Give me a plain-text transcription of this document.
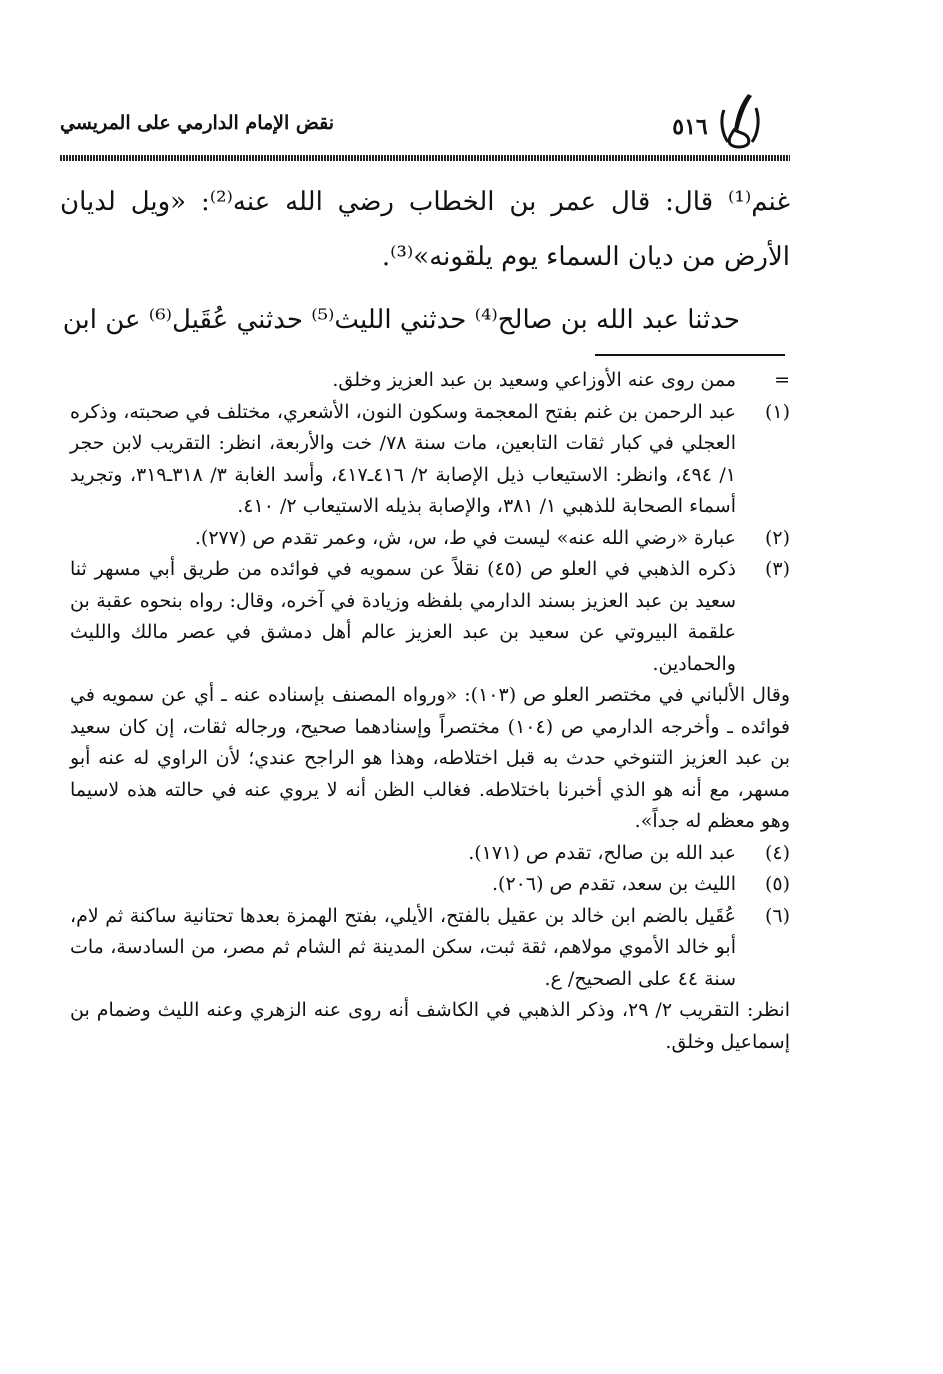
نقض الإمام الدارمي على المريسي	٥١٦

غنم⁽¹⁾ قال: قال عمر بن الخطاب رضي الله عنه⁽²⁾: «ويل لديان الأرض من ديان السماء يوم يلقونه»⁽³⁾.

حدثنا عبد الله بن صالح⁽⁴⁾ حدثني الليث⁽⁵⁾ حدثني عُقَيل⁽⁶⁾ عن ابن

=
ممن روى عنه الأوزاعي وسعيد بن عبد العزيز وخلق.
(١)

عبد الرحمن بن غنم بفتح المعجمة وسكون النون، الأشعري، مختلف في صحبته، وذكره العجلي في كبار ثقات التابعين، مات سنة ٧٨/ خت والأربعة، انظر: التقريب لابن حجر ١/ ٤٩٤، وانظر: الاستيعاب ذيل الإصابة ٢/ ٤١٦ـ٤١٧، وأسد الغابة ٣/ ٣١٨ـ٣١٩، وتجريد أسماء الصحابة للذهبي ١/ ٣٨١، والإصابة بذيله الاستيعاب ٢/ ٤١٠.

(٢)

عبارة «رضي الله عنه» ليست في ط، س، ش، وعمر تقدم ص (٢٧٧).

(٣)

ذكره الذهبي في العلو ص (٤٥) نقلاً عن سمويه في فوائده من طريق أبي مسهر ثنا سعيد بن عبد العزيز بسند الدارمي بلفظه وزيادة في آخره، وقال: رواه بنحوه عقبة بن علقمة البيروتي عن سعيد بن عبد العزيز عالم أهل دمشق في عصر مالك والليث والحمادين.

وقال الألباني في مختصر العلو ص (١٠٣): «ورواه المصنف بإسناده عنه ـ أي عن سمويه في فوائده ـ وأخرجه الدارمي ص (١٠٤) مختصراً وإسنادهما صحيح، ورجاله ثقات، إن كان سعيد بن عبد العزيز التنوخي حدث به قبل اختلاطه، وهذا هو الراجح عندي؛ لأن الراوي له عنه أبو مسهر، مع أنه هو الذي أخبرنا باختلاطه. فغالب الظن أنه لا يروي عنه في حالته هذه لاسيما وهو معظم له جداً».

(٤)

عبد الله بن صالح، تقدم ص (١٧١).

(٥)

الليث بن سعد، تقدم ص (٢٠٦).

(٦)

عُقَيل بالضم ابن خالد بن عقيل بالفتح، الأيلي، بفتح الهمزة بعدها تحتانية ساكنة ثم لام، أبو خالد الأموي مولاهم، ثقة ثبت، سكن المدينة ثم الشام ثم مصر، من السادسة، مات سنة ٤٤ على الصحيح/ ع.

انظر: التقريب ٢/ ٢٩، وذكر الذهبي في الكاشف أنه روى عنه الزهري وعنه الليث وضمام بن إسماعيل وخلق.
